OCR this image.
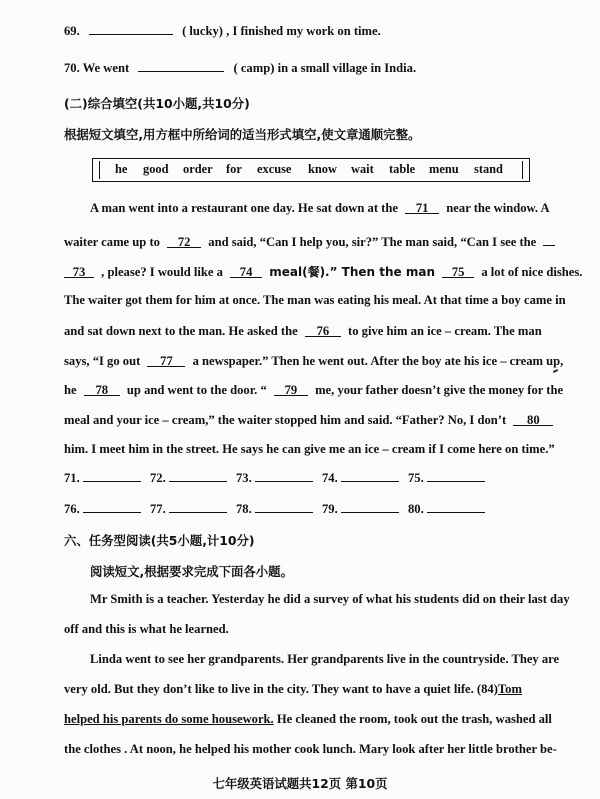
69.	( lucky) , I finished my work on time.
70. We went	( camp) in a small village in India.
(二)综合填空(共10小题,共10分)
根据短文填空,用方框中所给词的适当形式填空,使文章通顺完整。
he good order for excuse know wait table menu stand
A man went into a restaurant one day. He sat down at the 71 near the window. A
waiter came up to 72 and said, “Can I help you, sir?” The man said, “Can I see the
73 , please? I would like a 74 meal(餐).” Then the man 75 a lot of nice dishes.
The waiter got them for him at once. The man was eating his meal. At that time a boy came in
and sat down next to the man. He asked the 76 to give him an ice – cream. The man
says, “I go out 77 a newspaper.” Then he went out. After the boy ate his ice – cream up,
he 78 up and went to the door. “ 79 me, your father doesn’t give the money for the
meal and your ice – cream,” the waiter stopped him and said. “Father? No, I don’t 80
him. I meet him in the street. He says he can give me an ice – cream if I come here on time.”
71.	72.	73.	74.	75.
76.	77.	78.	79.	80.
六、任务型阅读(共5小题,计10分)
阅读短文,根据要求完成下面各小题。
Mr Smith is a teacher. Yesterday he did a survey of what his students did on their last day
off and this is what he learned.
Linda went to see her grandparents. Her grandparents live in the countryside. They are
very old. But they don’t like to live in the city. They want to have a quiet life. (84)Tom
helped his parents do some housework. He cleaned the room, took out the trash, washed all
the clothes . At noon, he helped his mother cook lunch. Mary look after her little brother be-
七年级英语试题共12页 第10页
